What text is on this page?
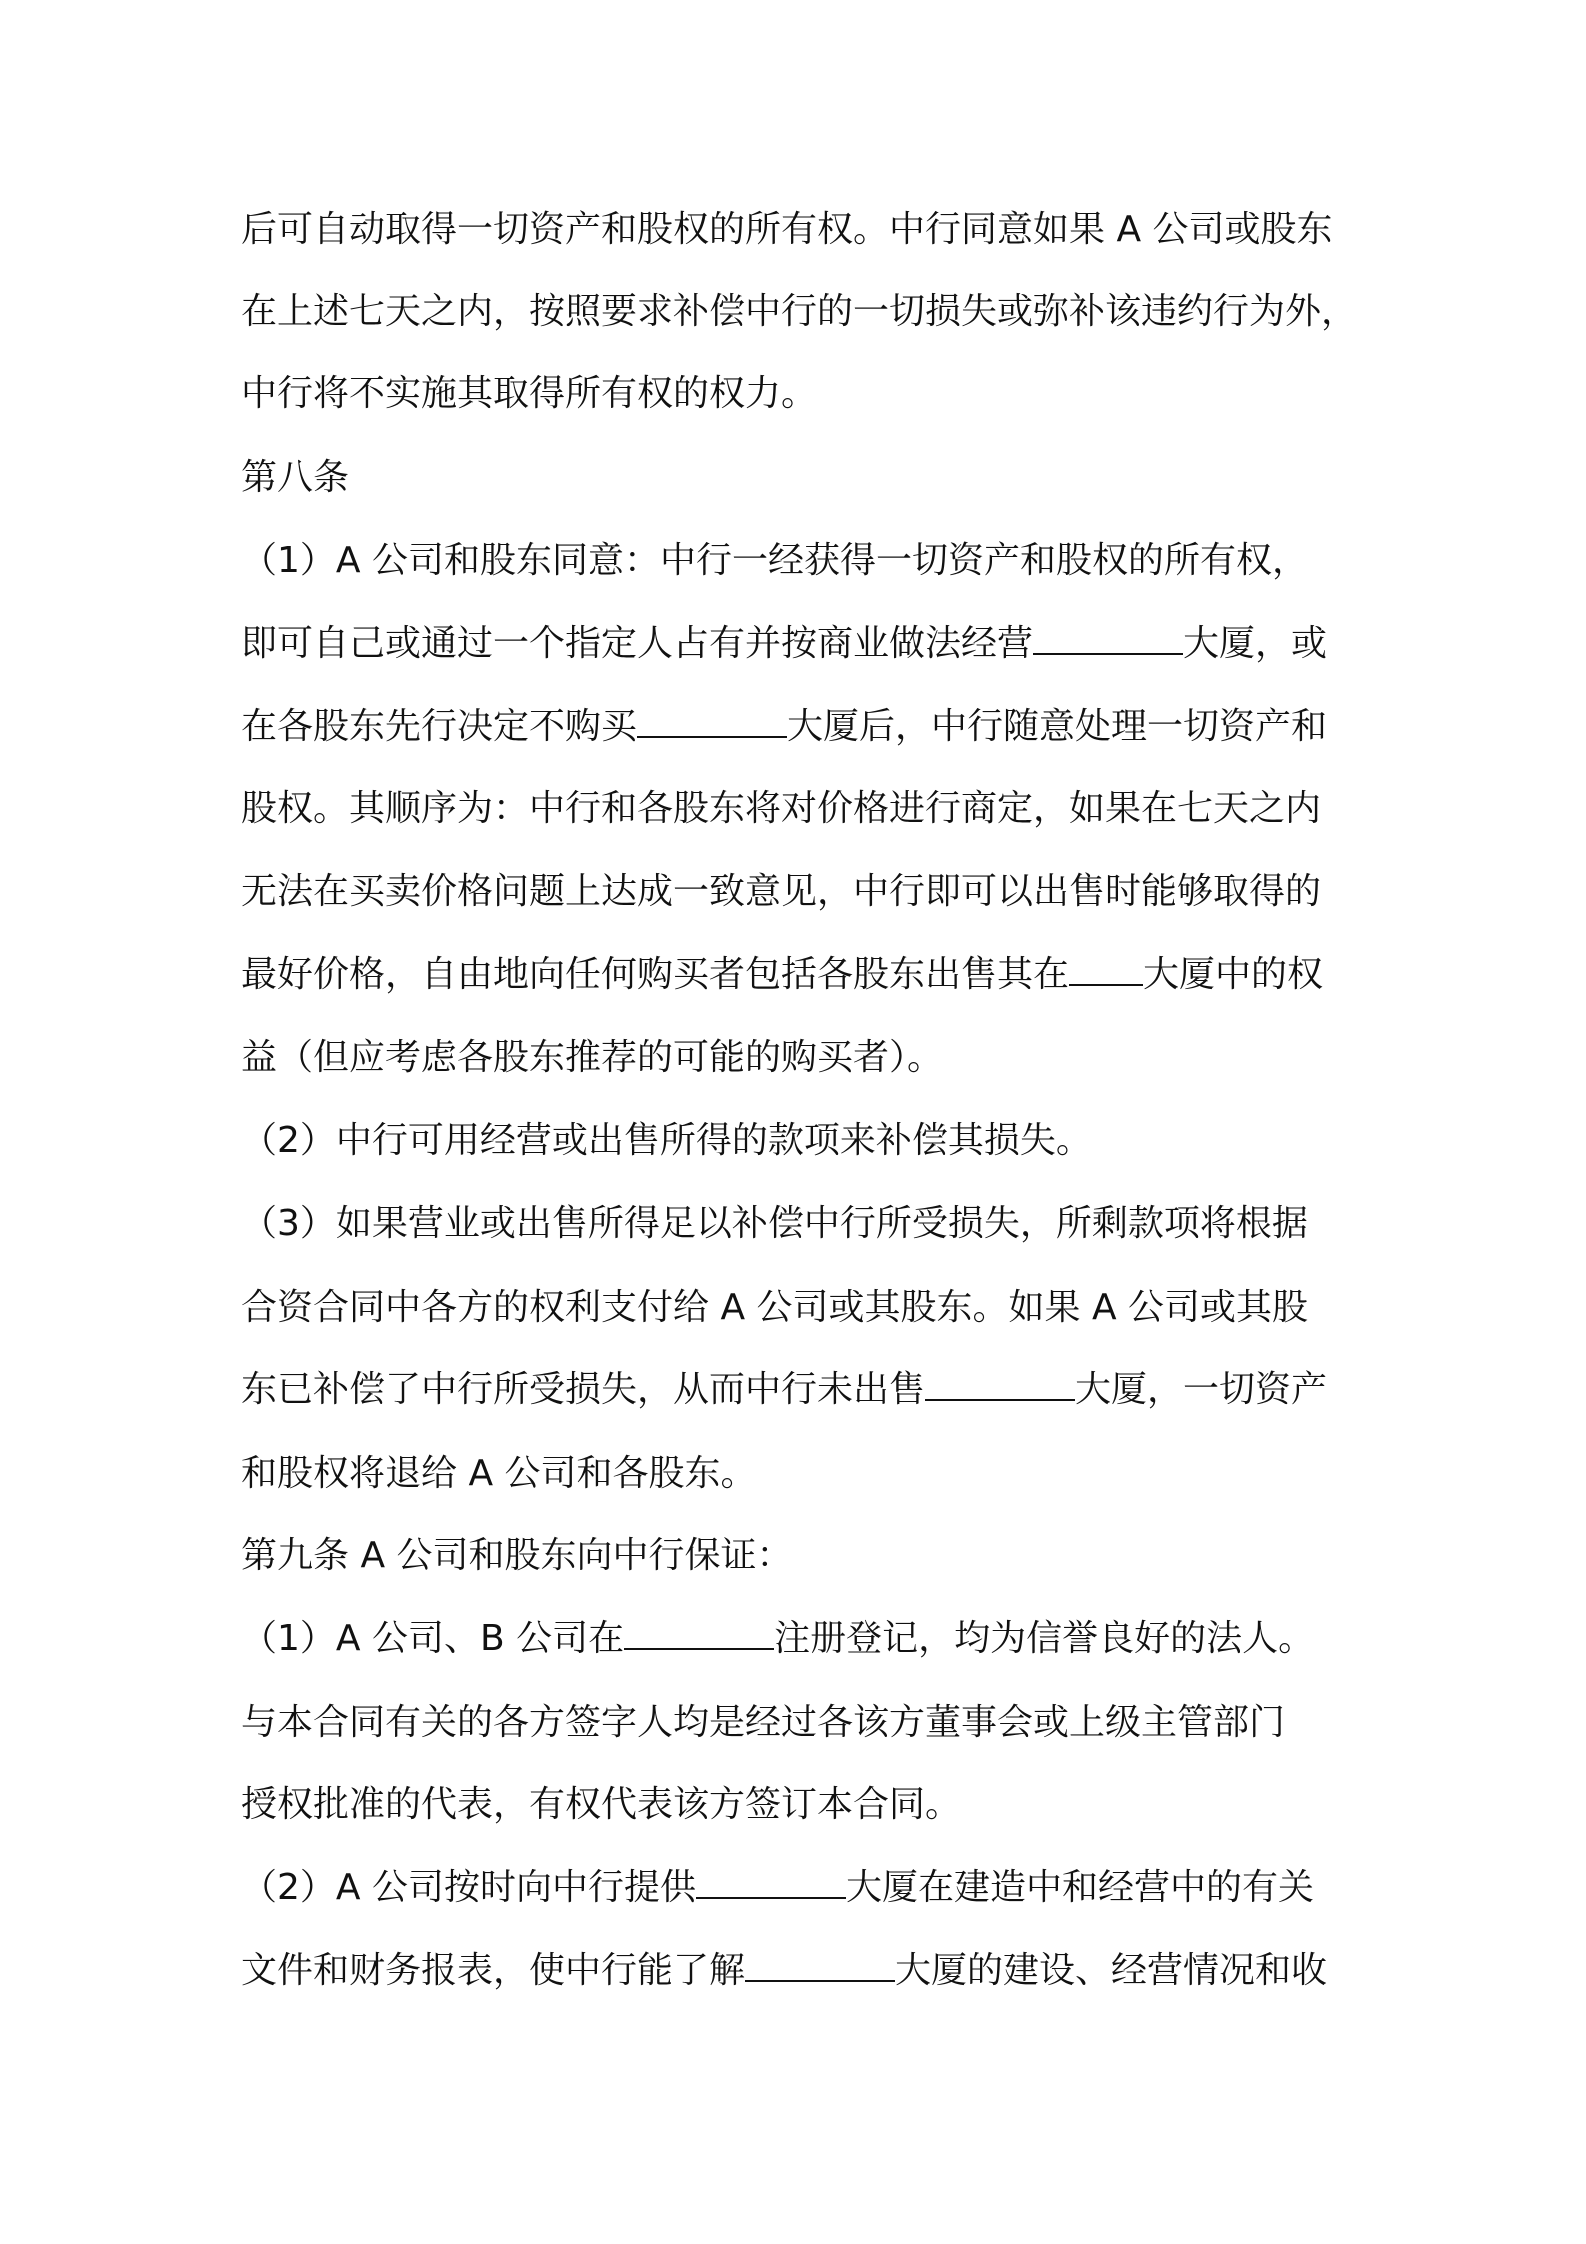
后可自动取得一切资产和股权的所有权。中行同意如果 A 公司或股东
在上述七天之内，按照要求补偿中行的一切损失或弥补该违约行为外，
中行将不实施其取得所有权的权力。
第八条
（1）A 公司和股东同意：中行一经获得一切资产和股权的所有权，
即可自己或通过一个指定人占有并按商业做法经营	大厦，或
在各股东先行决定不购买	大厦后，中行随意处理一切资产和
股权。其顺序为：中行和各股东将对价格进行商定，如果在七天之内
无法在买卖价格问题上达成一致意见，中行即可以出售时能够取得的
最好价格，自由地向任何购买者包括各股东出售其在 大厦中的权
益（但应考虑各股东推荐的可能的购买者）。
（2）中行可用经营或出售所得的款项来补偿其损失。
（3）如果营业或出售所得足以补偿中行所受损失，所剩款项将根据
合资合同中各方的权利支付给 A 公司或其股东。如果 A 公司或其股
东已补偿了中行所受损失，从而中行未出售	大厦，一切资产
和股权将退给 A 公司和各股东。
第九条 A 公司和股东向中行保证：
（1）A 公司、B 公司在	注册登记，均为信誉良好的法人。
与本合同有关的各方签字人均是经过各该方董事会或上级主管部门
授权批准的代表，有权代表该方签订本合同。
（2）A 公司按时向中行提供	大厦在建造中和经营中的有关
文件和财务报表，使中行能了解	大厦的建设、经营情况和收
